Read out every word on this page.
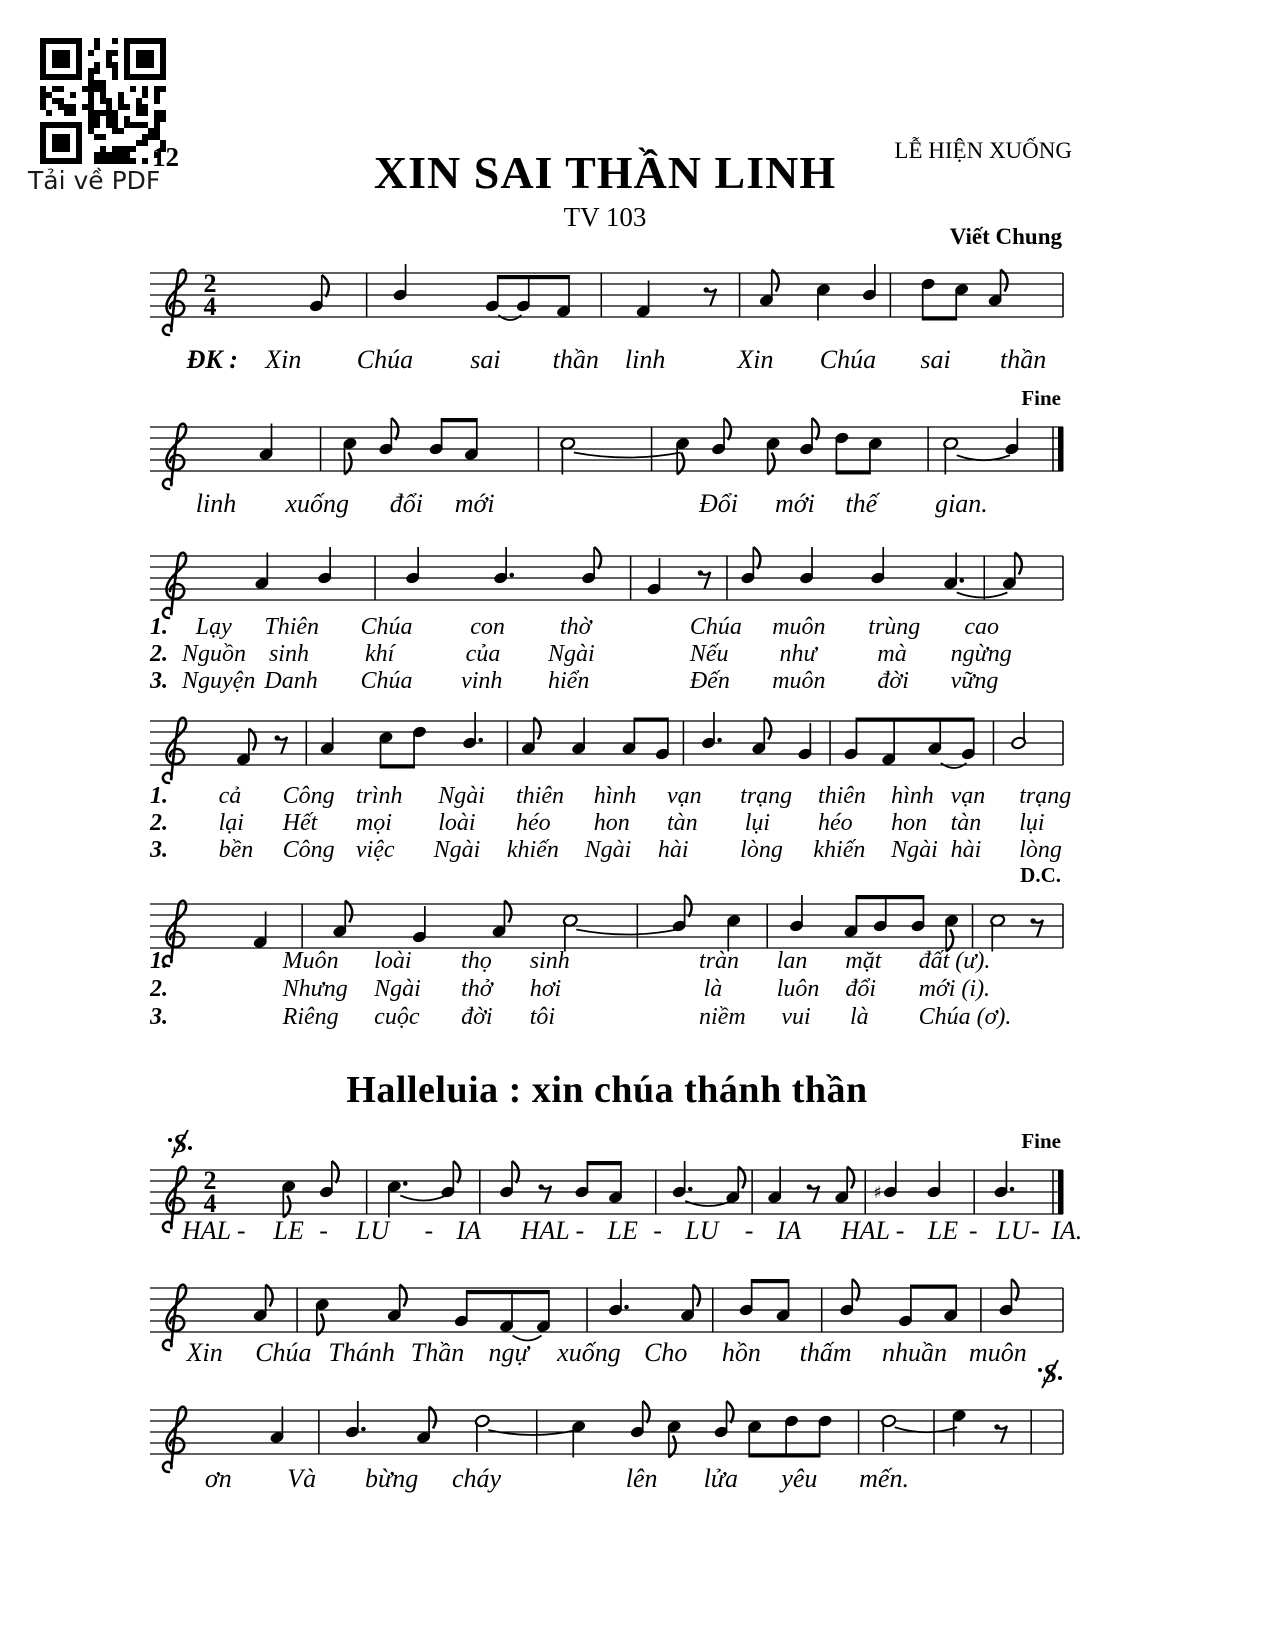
Tải về PDF
12	XIN SAI THẦN LINH	LỄ HIỆN XUỐNG
TV 103
Viết Chung
2
4
ĐK : Xin Chúa sai thần linh	Xin Chúa sai thần
Fine
linh xuống đổi mới	Đổi mới thế gian.
1. Lạy Thiên Chúa con thờ	Chúa muôn trùng cao
2. Nguồn sinh khí	của Ngài	Nếu như	mà ngừng
3. Nguyện Danh Chúa vinh hiển	Đến muôn đời vững
1. cả Công trình Ngài thiên hình vạn trạng thiên hình vạn trạng
2. lại Hết mọi loài héo hon tàn lụi héo hon tàn lụi
3. bền Công việc Ngài khiến Ngài hài lòng khiến Ngài hài lòng
D.C.
1.	Muôn loài thọ sinh	tràn lan mặt đất (ư).
2.	Nhưng Ngài thở hơi	là luôn đổi mới (i).
3.	Riêng cuộc đời tôi	niềm vui là Chúa (ơ).
Halleluia : xin chúa thánh thần
2
4
Fine
S
♯
HAL - LE - LU - IA HAL - LE - LU - IA HAL - LE - LU - IA.
S
Xin Chúa Thánh Thần ngự xuống Cho hồn thấm nhuần muôn
ơn Và bừng cháy	lên lửa yêu mến.
